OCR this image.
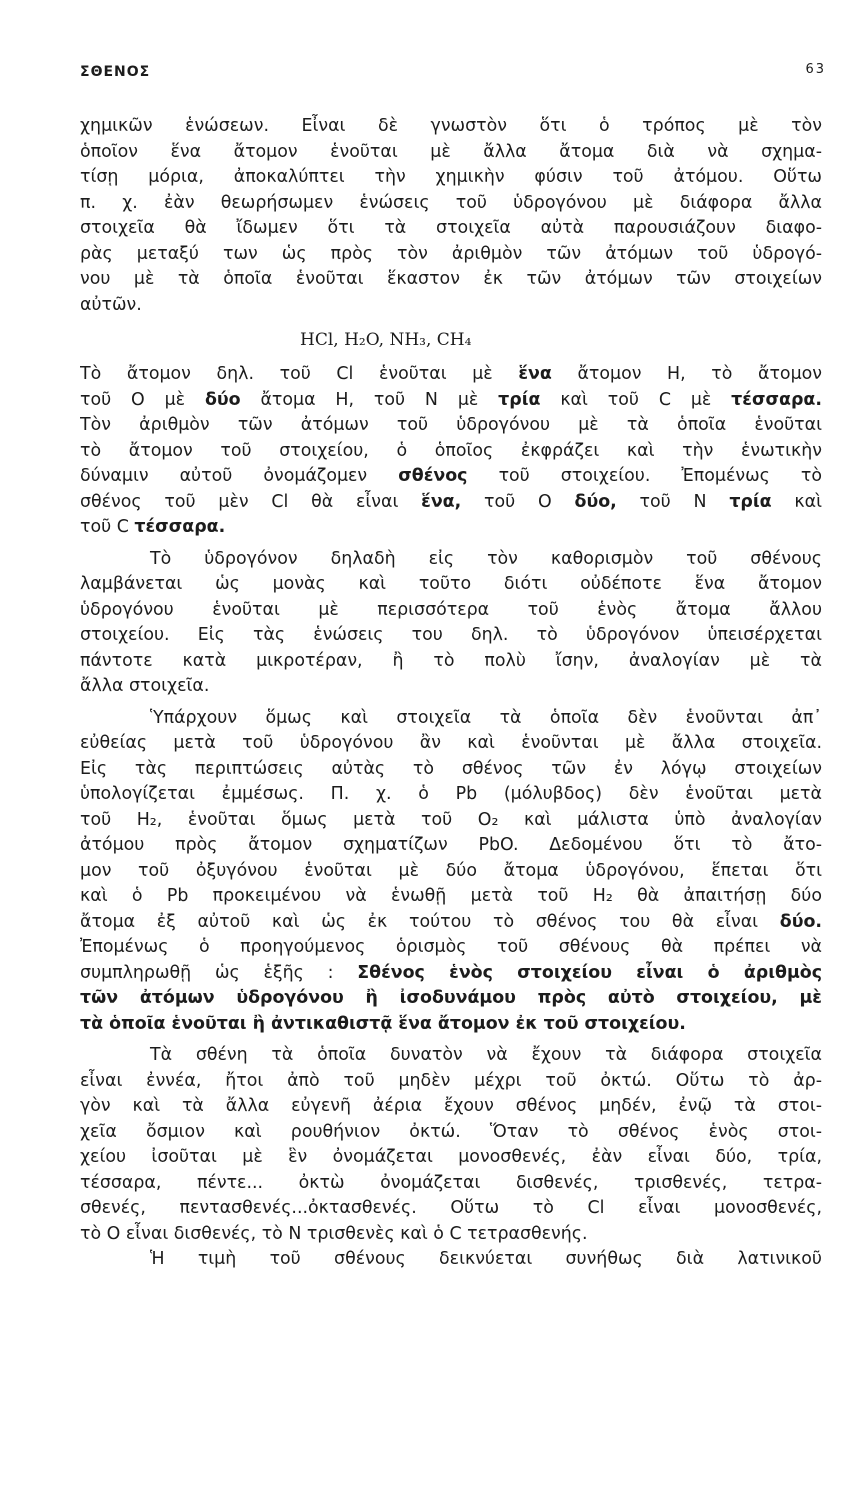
ΣΘΕΝΟΣ	63
χημικῶν ἑνώσεων. Εἶναι δὲ γνωστὸν ὅτι ὁ τρόπος μὲ τὸν
ὁποῖον ἕνα ἄτομον ἑνοῦται μὲ ἄλλα ἄτομα διὰ νὰ σχημα-
τίσῃ μόρια, ἀποκαλύπτει τὴν χημικὴν φύσιν τοῦ ἀτόμου. Οὕτω
π. χ. ἐὰν θεωρήσωμεν ἑνώσεις τοῦ ὑδρογόνου μὲ διάφορα ἄλλα
στοιχεῖα θὰ ἴδωμεν ὅτι τὰ στοιχεῖα αὐτὰ παρουσιάζουν διαφο-
ρὰς μεταξύ των ὡς πρὸς τὸν ἀριθμὸν τῶν ἀτόμων τοῦ ὑδρογό-
νου μὲ τὰ ὁποῖα ἑνοῦται ἕκαστον ἐκ τῶν ἀτόμων τῶν στοιχείων
αὐτῶν.
HCl, H₂O, NH₃, CH₄
Τὸ ἄτομον δηλ. τοῦ Cl ἑνοῦται μὲ ἕνα ἄτομον H, τὸ ἄτομον
τοῦ O μὲ δύο ἄτομα H, τοῦ N μὲ τρία καὶ τοῦ C μὲ τέσσαρα.
Τὸν ἀριθμὸν τῶν ἀτόμων τοῦ ὑδρογόνου μὲ τὰ ὁποῖα ἑνοῦται
τὸ ἄτομον τοῦ στοιχείου, ὁ ὁποῖος ἐκφράζει καὶ τὴν ἑνωτικὴν
δύναμιν αὐτοῦ ὀνομάζομεν σθένος τοῦ στοιχείου. Ἐπομένως τὸ
σθένος τοῦ μὲν Cl θὰ εἶναι ἕνα, τοῦ O δύο, τοῦ N τρία καὶ
τοῦ C τέσσαρα.
Τὸ ὑδρογόνον δηλαδὴ εἰς τὸν καθορισμὸν τοῦ σθένους
λαμβάνεται ὡς μονὰς καὶ τοῦτο διότι οὐδέποτε ἕνα ἄτομον
ὑδρογόνου ἑνοῦται μὲ περισσότερα τοῦ ἑνὸς ἄτομα ἄλλου
στοιχείου. Εἰς τὰς ἑνώσεις του δηλ. τὸ ὑδρογόνον ὑπεισέρχεται
πάντοτε κατὰ μικροτέραν, ἢ τὸ πολὺ ἴσην, ἀναλογίαν μὲ τὰ
ἄλλα στοιχεῖα.
Ὑπάρχουν ὅμως καὶ στοιχεῖα τὰ ὁποῖα δὲν ἑνοῦνται ἀπ᾽
εὐθείας μετὰ τοῦ ὑδρογόνου ἂν καὶ ἑνοῦνται μὲ ἄλλα στοιχεῖα.
Εἰς τὰς περιπτώσεις αὐτὰς τὸ σθένος τῶν ἐν λόγῳ στοιχείων
ὑπολογίζεται ἐμμέσως. Π. χ. ὁ Pb (μόλυβδος) δὲν ἑνοῦται μετὰ
τοῦ H₂, ἑνοῦται ὅμως μετὰ τοῦ O₂ καὶ μάλιστα ὑπὸ ἀναλογίαν
ἀτόμου πρὸς ἄτομον σχηματίζων PbO. Δεδομένου ὅτι τὸ ἄτο-
μον τοῦ ὀξυγόνου ἑνοῦται μὲ δύο ἄτομα ὑδρογόνου, ἕπεται ὅτι
καὶ ὁ Pb προκειμένου νὰ ἑνωθῇ μετὰ τοῦ H₂ θὰ ἀπαιτήσῃ δύο
ἄτομα ἐξ αὐτοῦ καὶ ὡς ἐκ τούτου τὸ σθένος του θὰ εἶναι δύο.
Ἐπομένως ὁ προηγούμενος ὁρισμὸς τοῦ σθένους θὰ πρέπει νὰ
συμπληρωθῇ ὡς ἑξῆς : Σθένος ἑνὸς στοιχείου εἶναι ὁ ἀριθμὸς
τῶν ἀτόμων ὑδρογόνου ἢ ἰσοδυνάμου πρὸς αὐτὸ στοιχείου, μὲ
τὰ ὁποῖα ἑνοῦται ἢ ἀντικαθιστᾷ ἕνα ἄτομον ἐκ τοῦ στοιχείου.
Τὰ σθένη τὰ ὁποῖα δυνατὸν νὰ ἔχουν τὰ διάφορα στοιχεῖα
εἶναι ἐννέα, ἤτοι ἀπὸ τοῦ μηδὲν μέχρι τοῦ ὀκτώ. Οὕτω τὸ ἀρ-
γὸν καὶ τὰ ἄλλα εὐγενῆ ἀέρια ἔχουν σθένος μηδέν, ἐνῷ τὰ στοι-
χεῖα ὄσμιον καὶ ρουθήνιον ὀκτώ. Ὅταν τὸ σθένος ἑνὸς στοι-
χείου ἰσοῦται μὲ ἓν ὀνομάζεται μονοσθενές, ἐὰν εἶναι δύο, τρία,
τέσσαρα, πέντε... ὀκτὼ ὀνομάζεται δισθενές, τρισθενές, τετρα-
σθενές, πεντασθενές...ὀκτασθενές. Οὕτω τὸ Cl εἶναι μονοσθενές,
τὸ O εἶναι δισθενές, τὸ N τρισθενὲς καὶ ὁ C τετρασθενής.
Ἡ τιμὴ τοῦ σθένους δεικνύεται συνήθως διὰ λατινικοῦ
